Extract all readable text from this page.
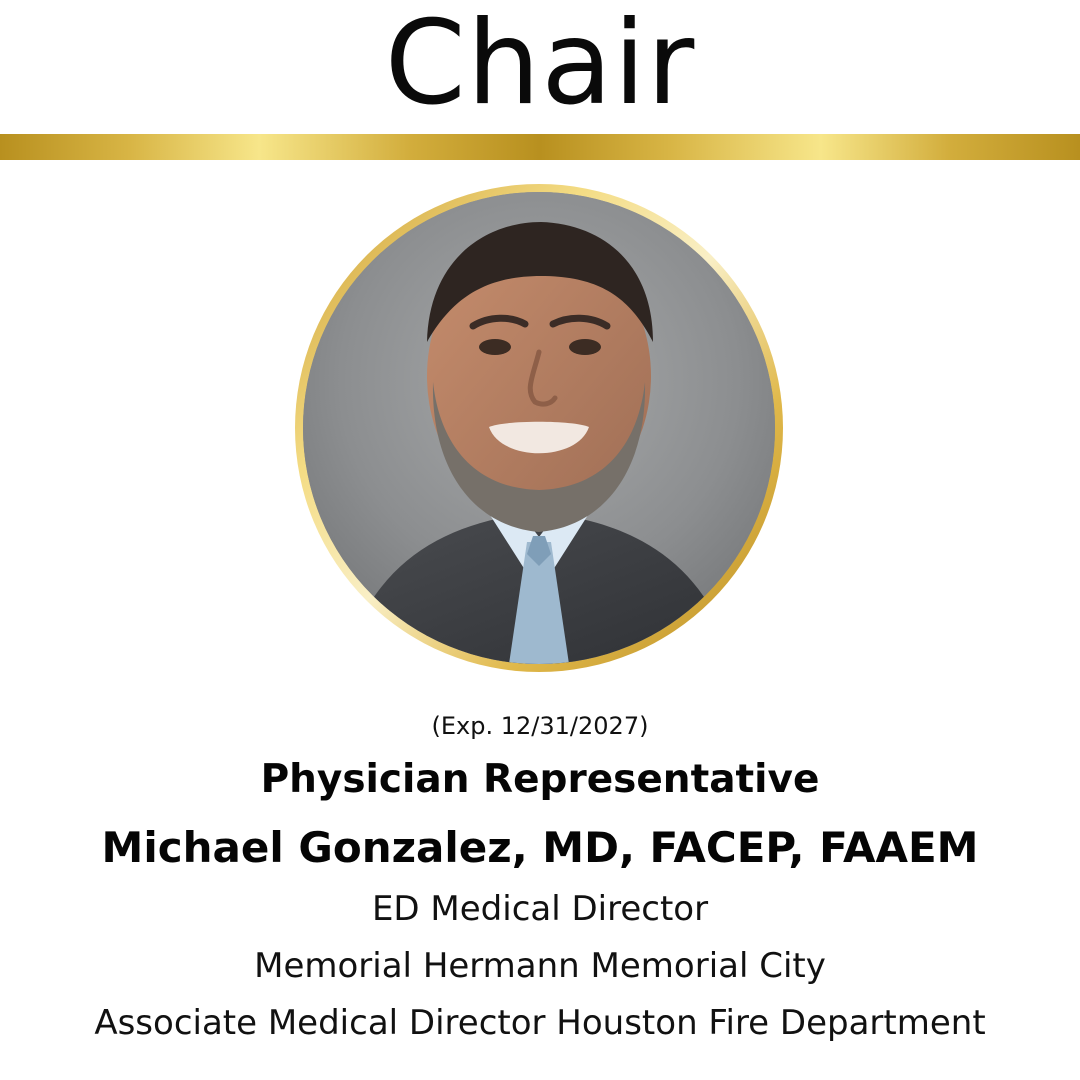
Chair
(Exp. 12/31/2027)
Physician Representative
Michael Gonzalez, MD, FACEP, FAAEM
ED Medical Director
Memorial Hermann Memorial City
Associate Medical Director Houston Fire Department
